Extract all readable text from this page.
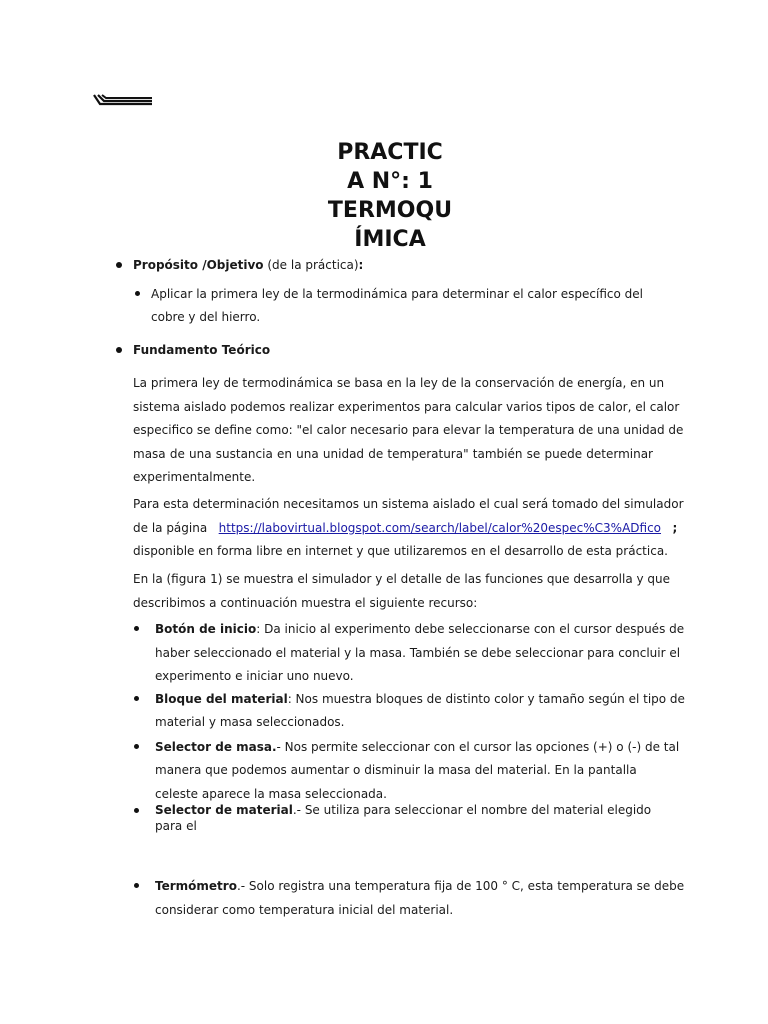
PRACTIC
A N°: 1
TERMOQU
ÍMICA
Propósito /Objetivo (de la práctica):
Aplicar la primera ley de la termodinámica para determinar el calor específico del
cobre y del hierro.
Fundamento Teórico
La primera ley de termodinámica se basa en la ley de la conservación de energía, en un
sistema aislado podemos realizar experimentos para calcular varios tipos de calor, el calor
especifico se define como: "el calor necesario para elevar la temperatura de una unidad de
masa de una sustancia en una unidad de temperatura" también se puede determinar
experimentalmente.
Para esta determinación necesitamos un sistema aislado el cual será tomado del simulador
de la página https://labovirtual.blogspot.com/search/label/calor%20espec%C3%ADfico ;
disponible en forma libre en internet y que utilizaremos en el desarrollo de esta práctica.
En la (figura 1) se muestra el simulador y el detalle de las funciones que desarrolla y que
describimos a continuación muestra el siguiente recurso:
Botón de inicio: Da inicio al experimento debe seleccionarse con el cursor después de
haber seleccionado el material y la masa. También se debe seleccionar para concluir el
experimento e iniciar uno nuevo.
Bloque del material: Nos muestra bloques de distinto color y tamaño según el tipo de
material y masa seleccionados.
Selector de masa.- Nos permite seleccionar con el cursor las opciones (+) o (-) de tal
manera que podemos aumentar o disminuir la masa del material. En la pantalla
celeste aparece la masa seleccionada.
Selector de material.- Se utiliza para seleccionar el nombre del material elegido
para el
Termómetro.- Solo registra una temperatura fija de 100 ° C, esta temperatura se debe
considerar como temperatura inicial del material.
